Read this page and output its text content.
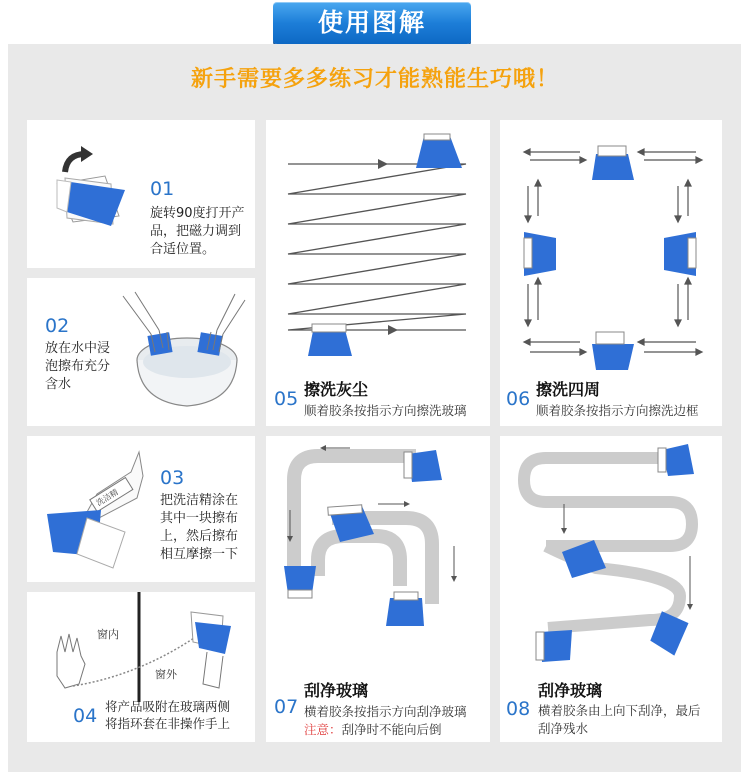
使用图解
新手需要多多练习才能熟能生巧哦！
01
旋转90度打开产
品，把磁力调到
合适位置。
02
放在水中浸
泡擦布充分
含水
洗洁精
03
把洗洁精涂在
其中一块擦布
上，然后擦布
相互摩擦一下
窗内
窗外
04 将产品吸附在玻璃两侧
将指环套在非操作手上
擦洗灰尘
05
顺着胶条按指示方向擦洗玻璃
擦洗四周
06
顺着胶条按指示方向擦洗边框
刮净玻璃
07 横着胶条按指示方向刮净玻璃
注意：刮净时不能向后倒
刮净玻璃
08 横着胶条由上向下刮净，最后
刮净残水
